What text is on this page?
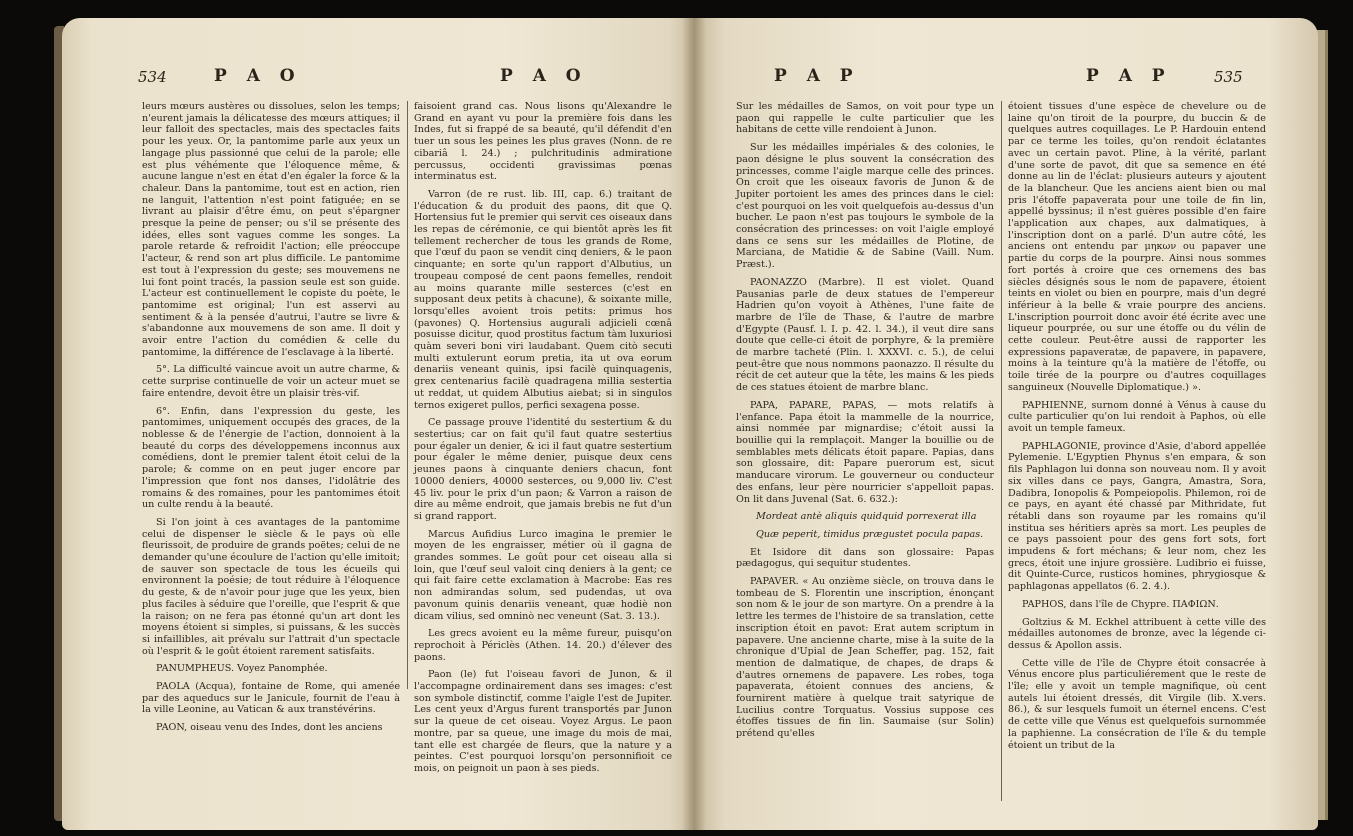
534	P A O	P A O

leurs mœurs austères ou dissolues, selon les temps; n'eurent jamais la délicatesse des mœurs attiques; il leur falloit des spectacles, mais des spectacles faits pour les yeux. Or, la pantomime parle aux yeux un langage plus passionné que celui de la parole; elle est plus véhémente que l'éloquence même, & aucune langue n'est en état d'en égaler la force & la chaleur. Dans la pantomime, tout est en action, rien ne languit, l'attention n'est point fatiguée; en se livrant au plaisir d'être ému, on peut s'épargner presque la peine de penser; ou s'il se présente des idées, elles sont vagues comme les songes. La parole retarde & refroidit l'action; elle préoccupe l'acteur, & rend son art plus difficile. Le pantomime est tout à l'expression du geste; ses mouvemens ne lui font point tracés, la passion seule est son guide. L'acteur est continuellement le copiste du poète, le pantomime est original; l'un est asservi au sentiment & à la pensée d'autrui, l'autre se livre & s'abandonne aux mouvemens de son ame. Il doit y avoir entre l'action du comédien & celle du pantomime, la différence de l'esclavage à la liberté.

5°. La difficulté vaincue avoit un autre charme, & cette surprise continuelle de voir un acteur muet se faire entendre, devoit être un plaisir très-vif.

6°. Enfin, dans l'expression du geste, les pantomimes, uniquement occupés des graces, de la noblesse & de l'énergie de l'action, donnoient à la beauté du corps des développemens inconnus aux comédiens, dont le premier talent étoit celui de la parole; & comme on en peut juger encore par l'impression que font nos danses, l'idolâtrie des romains & des romaines, pour les pantomimes étoit un culte rendu à la beauté.

Si l'on joint à ces avantages de la pantomime celui de dispenser le siècle & le pays où elle fleurissoit, de produire de grands poëtes; celui de ne demander qu'une écoulure de l'action qu'elle imitoit; de sauver son spectacle de tous les écueils qui environnent la poésie; de tout réduire à l'éloquence du geste, & de n'avoir pour juge que les yeux, bien plus faciles à séduire que l'oreille, que l'esprit & que la raison; on ne fera pas étonné qu'un art dont les moyens étoient si simples, si puissans, & les succès si infaillibles, ait prévalu sur l'attrait d'un spectacle où l'esprit & le goût étoient rarement satisfaits.

PANUMPHEUS. Voyez Panomphée.

PAOLA (Acqua), fontaine de Rome, qui amenée par des aqueducs sur le Janicule, fournit de l'eau à la ville Leonine, au Vatican & aux transtévérins.

PAON, oiseau venu des Indes, dont les anciens

faisoient grand cas. Nous lisons qu'Alexandre le Grand en ayant vu pour la première fois dans les Indes, fut si frappé de sa beauté, qu'il défendit d'en tuer un sous les peines les plus graves (Nonn. de re cibariâ l. 24.) ; pulchritudinis admiratione percussus, occidenti gravissimas pœnas interminatus est.

Varron (de re rust. lib. III, cap. 6.) traitant de l'éducation & du produit des paons, dit que Q. Hortensius fut le premier qui servit ces oiseaux dans les repas de cérémonie, ce qui bientôt après les fit tellement rechercher de tous les grands de Rome, que l'œuf du paon se vendit cinq deniers, & le paon cinquante; en sorte qu'un rapport d'Albutius, un troupeau composé de cent paons femelles, rendoit au moins quarante mille sesterces (c'est en supposant deux petits à chacune), & soixante mille, lorsqu'elles avoient trois petits: primus hos (pavones) Q. Hortensius augurali adjicieli cœnâ posuisse dicitur, quod prostitus factum tàm luxuriosi quàm severi boni viri laudabant. Quem citò secuti multi extulerunt eorum pretia, ita ut ova eorum denariis veneant quinis, ipsi facilè quinquagenis, grex centenarius facilè quadragena millia sestertia ut reddat, ut quidem Albutius aiebat; si in singulos ternos exigeret pullos, perfici sexagena posse.

Ce passage prouve l'identité du sestertium & du sestertius; car on fait qu'il faut quatre sestertius pour égaler un denier, & ici il faut quatre sestertium pour égaler le même denier, puisque deux cens jeunes paons à cinquante deniers chacun, font 10000 deniers, 40000 sesterces, ou 9,000 liv. C'est 45 liv. pour le prix d'un paon; & Varron a raison de dire au même endroit, que jamais brebis ne fut d'un si grand rapport.

Marcus Aufidius Lurco imagina le premier le moyen de les engraisser, métier où il gagna de grandes sommes. Le goût pour cet oiseau alla si loin, que l'œuf seul valoit cinq deniers à la gent; ce qui fait faire cette exclamation à Macrobe: Eas res non admirandas solum, sed pudendas, ut ova pavonum quinis denariis veneant, quæ hodiè non dicam vilius, sed omninò nec veneunt (Sat. 3. 13.).

Les grecs avoient eu la même fureur, puisqu'on reprochoit à Périclès (Athen. 14. 20.) d'élever des paons.

Paon (le) fut l'oiseau favori de Junon, & il l'accompagne ordinairement dans ses images: c'est son symbole distinctif, comme l'aigle l'est de Jupiter. Les cent yeux d'Argus furent transportés par Junon sur la queue de cet oiseau. Voyez Argus. Le paon montre, par sa queue, une image du mois de mai, tant elle est chargée de fleurs, que la nature y a peintes. C'est pourquoi lorsqu'on personnifioit ce mois, on peignoit un paon à ses pieds.

P A P	P A P	535

Sur les médailles de Samos, on voit pour type un paon qui rappelle le culte particulier que les habitans de cette ville rendoient à Junon.

Sur les médailles impériales & des colonies, le paon désigne le plus souvent la consécration des princesses, comme l'aigle marque celle des princes. On croit que les oiseaux favoris de Junon & de Jupiter portoient les ames des princes dans le ciel: c'est pourquoi on les voit quelquefois au-dessus d'un bucher. Le paon n'est pas toujours le symbole de la consécration des princesses: on voit l'aigle employé dans ce sens sur les médailles de Plotine, de Marciana, de Matidie & de Sabine (Vaill. Num. Præst.).

PAONAZZO (Marbre). Il est violet. Quand Pausanias parle de deux statues de l'empereur Hadrien qu'on voyoit à Athènes, l'une faite de marbre de l'île de Thase, & l'autre de marbre d'Egypte (Pausf. l. I. p. 42. l. 34.), il veut dire sans doute que celle-ci étoit de porphyre, & la première de marbre tacheté (Plin. l. XXXVI. c. 5.), de celui peut-être que nous nommons paonazzo. Il résulte du récit de cet auteur que la tête, les mains & les pieds de ces statues étoient de marbre blanc.

PAPA, PAPARE, PAPAS, — mots relatifs à l'enfance. Papa étoit la mammelle de la nourrice, ainsi nommée par mignardise; c'étoit aussi la bouillie qui la remplaçoit. Manger la bouillie ou de semblables mets délicats étoit papare. Papias, dans son glossaire, dit: Papare puerorum est, sicut manducare virorum. Le gouverneur ou conducteur des enfans, leur père nourricier s'appelloit papas. On lit dans Juvenal (Sat. 6. 632.):

Mordeat antè aliquis quidquid porrexerat illa

Quæ peperit, timidus prægustet pocula papas.

Et Isidore dit dans son glossaire: Papas pædagogus, qui sequitur studentes.

PAPAVER. « Au onzième siècle, on trouva dans le tombeau de S. Florentin une inscription, énonçant son nom & le jour de son martyre. On a prendre à la lettre les termes de l'histoire de sa translation, cette inscription étoit en pavot: Erat autem scriptum in papavere. Une ancienne charte, mise à la suite de la chronique d'Upial de Jean Scheffer, pag. 152, fait mention de dalmatique, de chapes, de draps & d'autres ornemens de papavere. Les robes, toga papaverata, étoient connues des anciens, & fournirent matière à quelque trait satyrique de Lucilius contre Torquatus. Vossius suppose ces étoffes tissues de fin lin. Saumaise (sur Solin) prétend qu'elles

étoient tissues d'une espèce de chevelure ou de laine qu'on tiroit de la pourpre, du buccin & de quelques autres coquillages. Le P. Hardouin entend par ce terme les toiles, qu'on rendoit éclatantes avec un certain pavot. Pline, à la vérité, parlant d'une sorte de pavot, dit que sa semence en été donne au lin de l'éclat: plusieurs auteurs y ajoutent de la blancheur. Que les anciens aient bien ou mal pris l'étoffe papaverata pour une toile de fin lin, appellé byssinus; il n'est guères possible d'en faire l'application aux chapes, aux dalmatiques, à l'inscription dont on a parlé. D'un autre côté, les anciens ont entendu par μηκων ou papaver une partie du corps de la pourpre. Ainsi nous sommes fort portés à croire que ces ornemens des bas siècles désignés sous le nom de papavere, étoient teints en violet ou bien en pourpre, mais d'un degré inférieur à la belle & vraie pourpre des anciens. L'inscription pourroit donc avoir été écrite avec une liqueur pourprée, ou sur une étoffe ou du vélin de cette couleur. Peut-être aussi de rapporter les expressions papaveratæ, de papavere, in papavere, moins à la teinture qu'à la matière de l'étoffe, ou toile tirée de la pourpre ou d'autres coquillages sanguineux (Nouvelle Diplomatique.) ».

PAPHIENNE, surnom donné à Vénus à cause du culte particulier qu'on lui rendoit à Paphos, où elle avoit un temple fameux.

PAPHLAGONIE, province d'Asie, d'abord appellée Pylemenie. L'Egyptien Phynus s'en empara, & son fils Paphlagon lui donna son nouveau nom. Il y avoit six villes dans ce pays, Gangra, Amastra, Sora, Dadibra, Ionopolis & Pompeiopolis. Philemon, roi de ce pays, en ayant été chassé par Mithridate, fut rétabli dans son royaume par les romains qu'il institua ses héritiers après sa mort. Les peuples de ce pays passoient pour des gens fort sots, fort impudens & fort méchans; & leur nom, chez les grecs, étoit une injure grossière. Ludibrio ei fuisse, dit Quinte-Curce, rusticos homines, phrygiosque & paphlagonas appellatos (6. 2. 4.).

PAPHOS, dans l'île de Chypre. ΠΑΦΙΩΝ.

Goltzius & M. Eckhel attribuent à cette ville des médailles autonomes de bronze, avec la légende ci-dessus & Apollon assis.

Cette ville de l'île de Chypre étoit consacrée à Vénus encore plus particuliérement que le reste de l'île; elle y avoit un temple magnifique, où cent autels lui étoient dressés, dit Virgile (lib. X.vers. 86.), & sur lesquels fumoit un éternel encens. C'est de cette ville que Vénus est quelquefois surnommée la paphienne. La consécration de l'île & du temple étoient un tribut de la
